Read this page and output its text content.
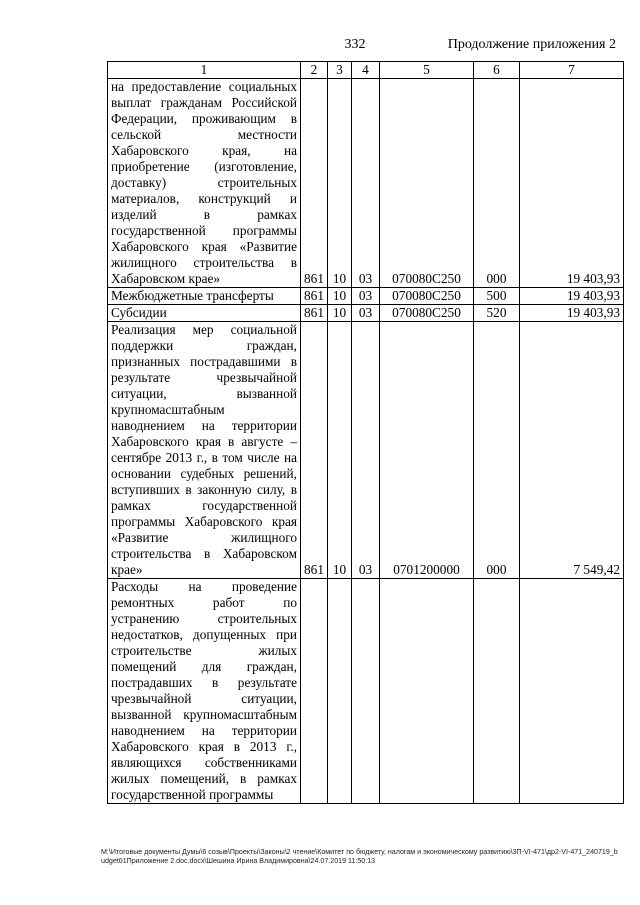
332	Продолжение приложения 2
1	2	3	4	5	6	7
на предоставление социальных выплат гражданам Российской Федерации, проживающим в сельской местности Хабаровского края, на приобретение (изготовление, доставку) строительных материалов, конструкций и изделий в рамках государственной программы Хабаровского края «Развитие жилищного строительства в Хабаровском крае»	861	10	03	070080C250	000	19 403,93
Межбюджетные трансферты	861	10	03	070080C250	500	19 403,93
Субсидии	861	10	03	070080C250	520	19 403,93
Реализация мер социальной поддержки граждан, признанных пострадавшими в результате чрезвычайной ситуации, вызванной крупномасштабным наводнением на территории Хабаровского края в августе – сентябре 2013 г., в том числе на основании судебных решений, вступивших в законную силу, в рамках государственной программы Хабаровского края «Развитие жилищного строительства в Хабаровском крае»	861	10	03	0701200000	000	7 549,42
Расходы на проведение ремонтных работ по устранению строительных недостатков, допущенных при строительстве жилых помещений для граждан, пострадавших в результате чрезвычайной ситуации, вызванной крупномасштабным наводнением на территории Хабаровского края в 2013 г., являющихся собственниками жилых помещений, в рамках государственной программы						
M:\Итоговые документы Думы\6 созыв\Проекты\Законы\2 чтение\Комитет по бюджету, налогам и экономическому развитию\3П-VI-471\др2-VI-471_240719_budget01Приложение 2.doc.docx\Шешина Ирина Владимировна\24.07.2019 11:50:13
